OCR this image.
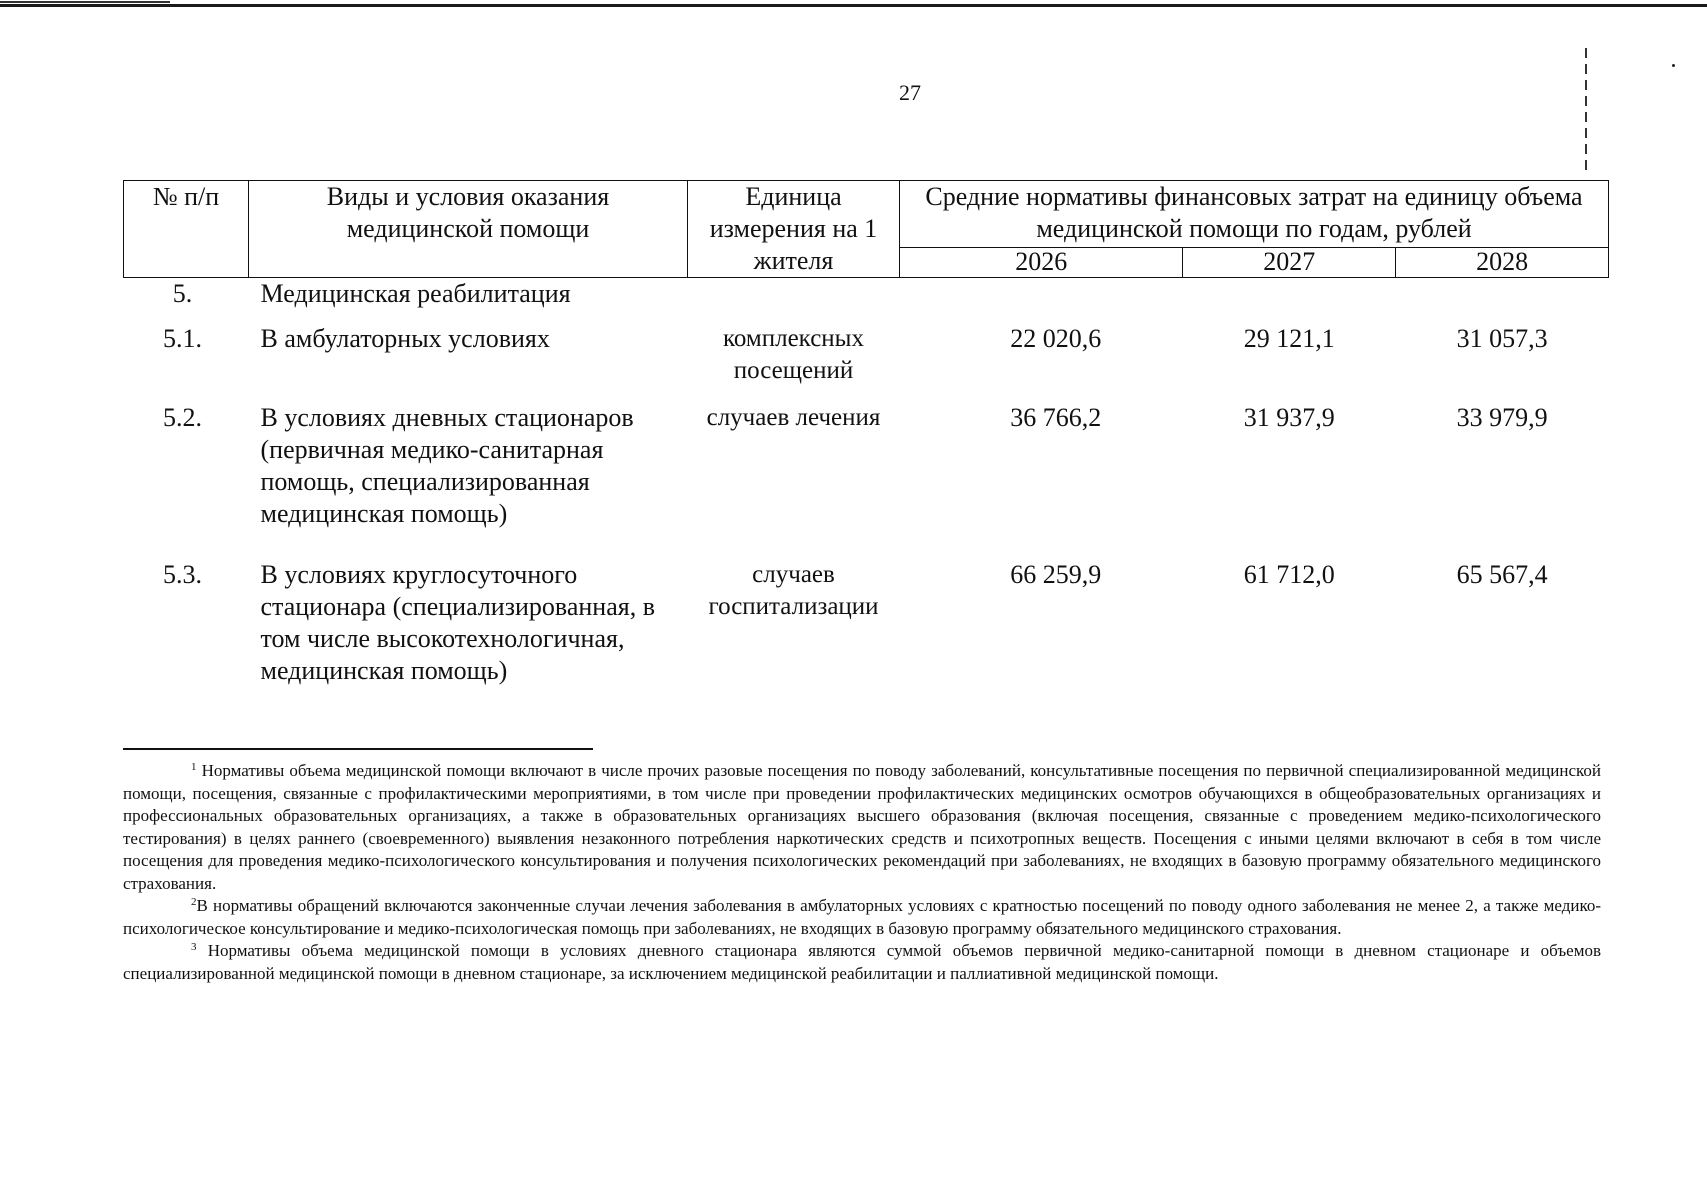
27
№ п/п	Виды и условия оказания медицинской помощи	Единица измерения на 1 жителя	Средние нормативы финансовых затрат на единицу объема медицинской помощи по годам, рублей		
			2026	2027	2028
5.	Медицинская реабилитация				
5.1.	В амбулаторных условиях	комплексных посещений	22 020,6	29 121,1	31 057,3
5.2.	В условиях дневных стационаров (первичная медико-санитарная помощь, специализированная медицинская помощь)	случаев лечения	36 766,2	31 937,9	33 979,9
5.3.	В условиях круглосуточного стационара (специализированная, в том числе высокотехнологичная, медицинская помощь)	случаев госпитализации	66 259,9	61 712,0	65 567,4

$^1$ Нормативы объема медицинской помощи включают в числе прочих разовые посещения по поводу заболеваний, консультативные посещения по первичной специализированной медицинской помощи, посещения, связанные с профилактическими мероприятиями, в том числе при проведении профилактических медицинских осмотров обучающихся в общеобразовательных организациях и профессиональных образовательных организациях, а также в образовательных организациях высшего образования (включая посещения, связанные с проведением медико-психологического тестирования) в целях раннего (своевременного) выявления незаконного потребления наркотических средств и психотропных веществ. Посещения с иными целями включают в себя в том числе посещения для проведения медико-психологического консультирования и получения психологических рекомендаций при заболеваниях, не входящих в базовую программу обязательного медицинского страхования.

$^2$В нормативы обращений включаются законченные случаи лечения заболевания в амбулаторных условиях с кратностью посещений по поводу одного заболевания не менее 2, а также медико-психологическое консультирование и медико-психологическая помощь при заболеваниях, не входящих в базовую программу обязательного медицинского страхования.

$^3$ Нормативы объема медицинской помощи в условиях дневного стационара являются суммой объемов первичной медико-санитарной помощи в дневном стационаре и объемов специализированной медицинской помощи в дневном стационаре, за исключением медицинской реабилитации и паллиативной медицинской помощи.
